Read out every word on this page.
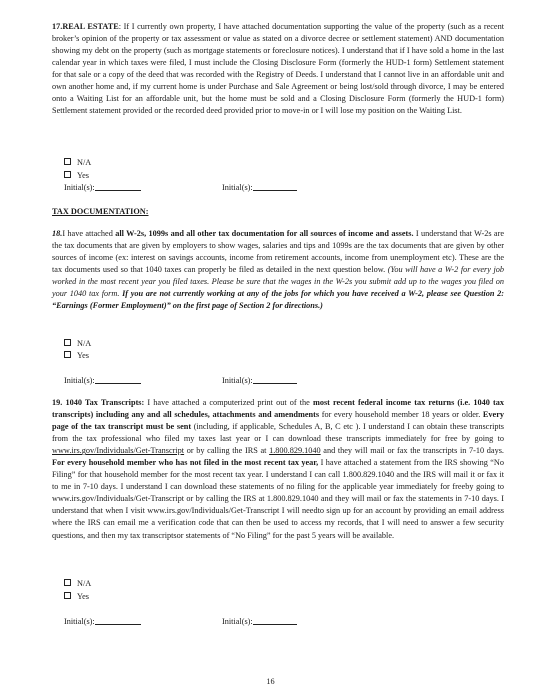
17.REAL ESTATE: If I currently own property, I have attached documentation supporting the value of the property (such as a recent broker’s opinion of the property or tax assessment or value as stated on a divorce decree or settlement statement) AND documentation showing my debt on the property (such as mortgage statements or foreclosure notices). I understand that if I have sold a home in the last calendar year in which taxes were filed, I must include the Closing Disclosure Form (formerly the HUD-1 form) Settlement statement for that sale or a copy of the deed that was recorded with the Registry of Deeds. I understand that I cannot live in an affordable unit and own another home and, if my current home is under Purchase and Sale Agreement or being lost/sold through divorce, I may be entered onto a Waiting List for an affordable unit, but the home must be sold and a Closing Disclosure Form (formerly the HUD-1 form) Settlement statement provided or the recorded deed provided prior to move-in or I will lose my position on the Waiting List.

N/A
Yes
Initial(s):	Initial(s):
TAX DOCUMENTATION:

18.I have attached all W-2s, 1099s and all other tax documentation for all sources of income and assets. I understand that W-2s are the tax documents that are given by employers to show wages, salaries and tips and 1099s are the tax documents that are given by other sources of income (ex: interest on savings accounts, income from retirement accounts, income from unemployment etc). These are the tax documents used so that 1040 taxes can properly be filed as detailed in the next question below. (You will have a W-2 for every job worked in the most recent year you filed taxes. Please be sure that the wages in the W-2s you submit add up to the wages you filed on your 1040 tax form. If you are not currently working at any of the jobs for which you have received a W-2, please see Question 2: “Earnings (Former Employment)” on the first page of Section 2 for directions.)

N/A
Yes
Initial(s):	Initial(s):

19. 1040 Tax Transcripts: I have attached a computerized print out of the most recent federal income tax returns (i.e. 1040 tax transcripts) including any and all schedules, attachments and amendments for every household member 18 years or older. Every page of the tax transcript must be sent (including, if applicable, Schedules A, B, C etc ). I understand I can obtain these transcripts from the tax professional who filed my taxes last year or I can download these transcripts immediately for free by going to www.irs.gov/Individuals/Get-Transcript or by calling the IRS at 1.800.829.1040 and they will mail or fax the transcripts in 7-10 days. For every household member who has not filed in the most recent tax year, I have attached a statement from the IRS showing “No Filing” for that household member for the most recent tax year. I understand I can call 1.800.829.1040 and the IRS will mail it or fax it to me in 7-10 days. I understand I can download these statements of no filing for the applicable year immediately for freeby going to www.irs.gov/Individuals/Get-Transcript or by calling the IRS at 1.800.829.1040 and they will mail or fax the statements in 7-10 days. I understand that when I visit www.irs.gov/Individuals/Get-Transcript I will needto sign up for an account by providing an email address where the IRS can email me a verification code that can then be used to access my records, that I will need to answer a few security questions, and then my tax transcriptsor statements of “No Filing” for the past 5 years will be available.

N/A
Yes
Initial(s):	Initial(s):
16
